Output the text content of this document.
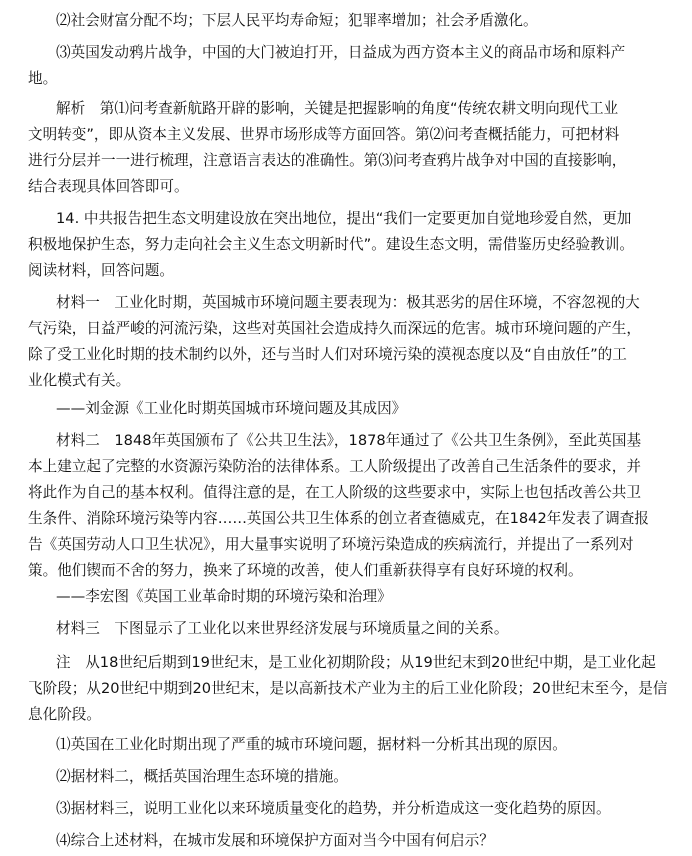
⑵社会财富分配不均；下层人民平均寿命短；犯罪率增加；社会矛盾激化。
⑶英国发动鸦片战争，中国的大门被迫打开，日益成为西方资本主义的商品市场和原料产
地。
解析　第⑴问考查新航路开辟的影响，关键是把握影响的角度“传统农耕文明向现代工业
文明转变”，即从资本主义发展、世界市场形成等方面回答。第⑵问考查概括能力，可把材料
进行分层并一一进行梳理，注意语言表达的准确性。第⑶问考查鸦片战争对中国的直接影响，
结合表现具体回答即可。
14. 中共报告把生态文明建设放在突出地位，提出“我们一定要更加自觉地珍爱自然，更加
积极地保护生态，努力走向社会主义生态文明新时代”。建设生态文明，需借鉴历史经验教训。
阅读材料，回答问题。
材料一　工业化时期，英国城市环境问题主要表现为：极其恶劣的居住环境，不容忽视的大
气污染，日益严峻的河流污染，这些对英国社会造成持久而深远的危害。城市环境问题的产生，
除了受工业化时期的技术制约以外，还与当时人们对环境污染的漠视态度以及“自由放任”的工
业化模式有关。
——刘金源《工业化时期英国城市环境问题及其成因》
材料二　1848年英国颁布了《公共卫生法》，1878年通过了《公共卫生条例》，至此英国基
本上建立起了完整的水资源污染防治的法律体系。工人阶级提出了改善自己生活条件的要求，并
将此作为自己的基本权利。值得注意的是，在工人阶级的这些要求中，实际上也包括改善公共卫
生条件、消除环境污染等内容……英国公共卫生体系的创立者查德威克，在1842年发表了调查报
告《英国劳动人口卫生状况》，用大量事实说明了环境污染造成的疾病流行，并提出了一系列对
策。他们锲而不舍的努力，换来了环境的改善，使人们重新获得享有良好环境的权利。
——李宏图《英国工业革命时期的环境污染和治理》
材料三　下图显示了工业化以来世界经济发展与环境质量之间的关系。
注　从18世纪后期到19世纪末，是工业化初期阶段；从19世纪末到20世纪中期，是工业化起
飞阶段；从20世纪中期到20世纪末，是以高新技术产业为主的后工业化阶段；20世纪末至今，是信
息化阶段。
⑴英国在工业化时期出现了严重的城市环境问题，据材料一分析其出现的原因。
⑵据材料二，概括英国治理生态环境的措施。
⑶据材料三，说明工业化以来环境质量变化的趋势，并分析造成这一变化趋势的原因。
⑷综合上述材料，在城市发展和环境保护方面对当今中国有何启示？
